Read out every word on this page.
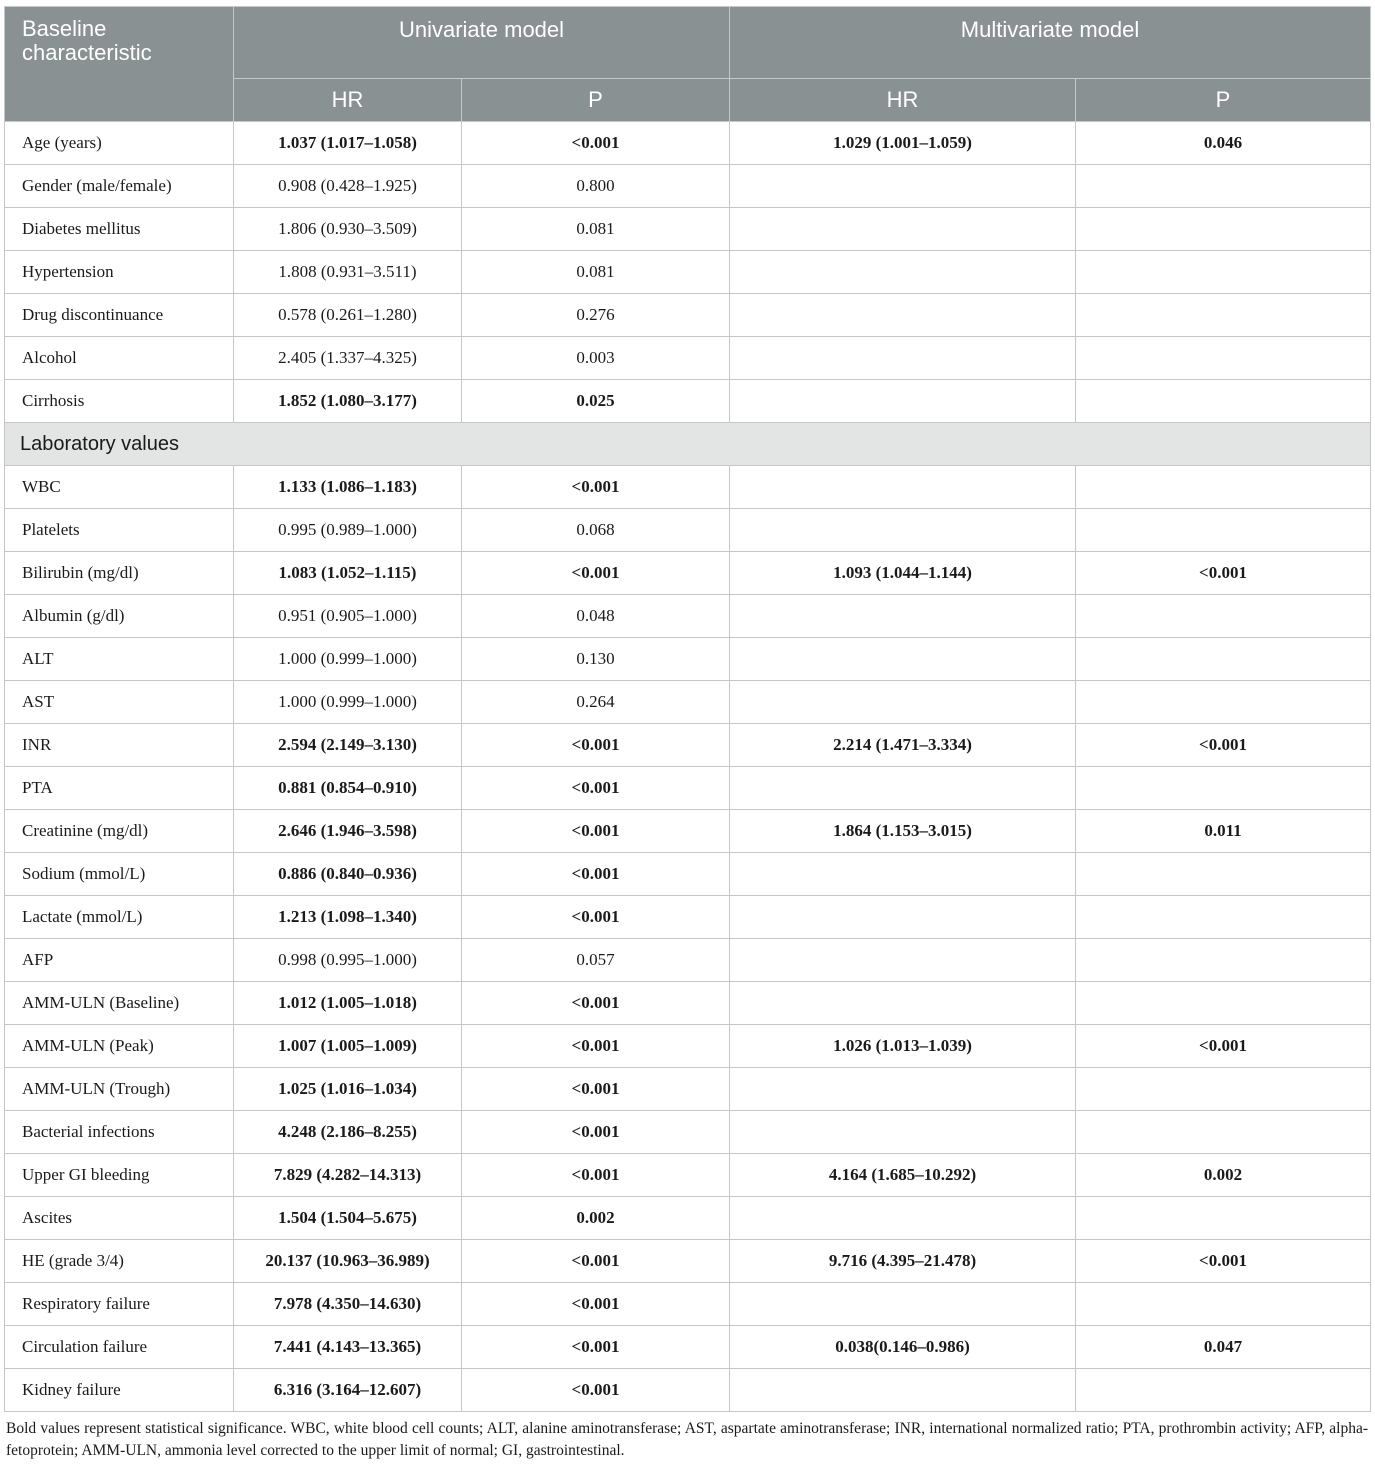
Baseline characteristic	Univariate model		Multivariate model	
	HR	P	HR	P
Age (years)	1.037 (1.017–1.058)	<0.001	1.029 (1.001–1.059)	0.046
Gender (male/female)	0.908 (0.428–1.925)	0.800		
Diabetes mellitus	1.806 (0.930–3.509)	0.081		
Hypertension	1.808 (0.931–3.511)	0.081		
Drug discontinuance	0.578 (0.261–1.280)	0.276		
Alcohol	2.405 (1.337–4.325)	0.003		
Cirrhosis	1.852 (1.080–3.177)	0.025		
Laboratory values				
WBC	1.133 (1.086–1.183)	<0.001		
Platelets	0.995 (0.989–1.000)	0.068		
Bilirubin (mg/dl)	1.083 (1.052–1.115)	<0.001	1.093 (1.044–1.144)	<0.001
Albumin (g/dl)	0.951 (0.905–1.000)	0.048		
ALT	1.000 (0.999–1.000)	0.130		
AST	1.000 (0.999–1.000)	0.264		
INR	2.594 (2.149–3.130)	<0.001	2.214 (1.471–3.334)	<0.001
PTA	0.881 (0.854–0.910)	<0.001		
Creatinine (mg/dl)	2.646 (1.946–3.598)	<0.001	1.864 (1.153–3.015)	0.011
Sodium (mmol/L)	0.886 (0.840–0.936)	<0.001		
Lactate (mmol/L)	1.213 (1.098–1.340)	<0.001		
AFP	0.998 (0.995–1.000)	0.057		
AMM-ULN (Baseline)	1.012 (1.005–1.018)	<0.001		
AMM-ULN (Peak)	1.007 (1.005–1.009)	<0.001	1.026 (1.013–1.039)	<0.001
AMM-ULN (Trough)	1.025 (1.016–1.034)	<0.001		
Bacterial infections	4.248 (2.186–8.255)	<0.001		
Upper GI bleeding	7.829 (4.282–14.313)	<0.001	4.164 (1.685–10.292)	0.002
Ascites	1.504 (1.504–5.675)	0.002		
HE (grade 3/4)	20.137 (10.963–36.989)	<0.001	9.716 (4.395–21.478)	<0.001
Respiratory failure	7.978 (4.350–14.630)	<0.001		
Circulation failure	7.441 (4.143–13.365)	<0.001	0.038(0.146–0.986)	0.047
Kidney failure	6.316 (3.164–12.607)	<0.001		
Bold values represent statistical significance. WBC, white blood cell counts; ALT, alanine aminotransferase; AST, aspartate aminotransferase; INR, international normalized ratio; PTA, prothrombin activity; AFP, alpha-fetoprotein; AMM-ULN, ammonia level corrected to the upper limit of normal; GI, gastrointestinal.
